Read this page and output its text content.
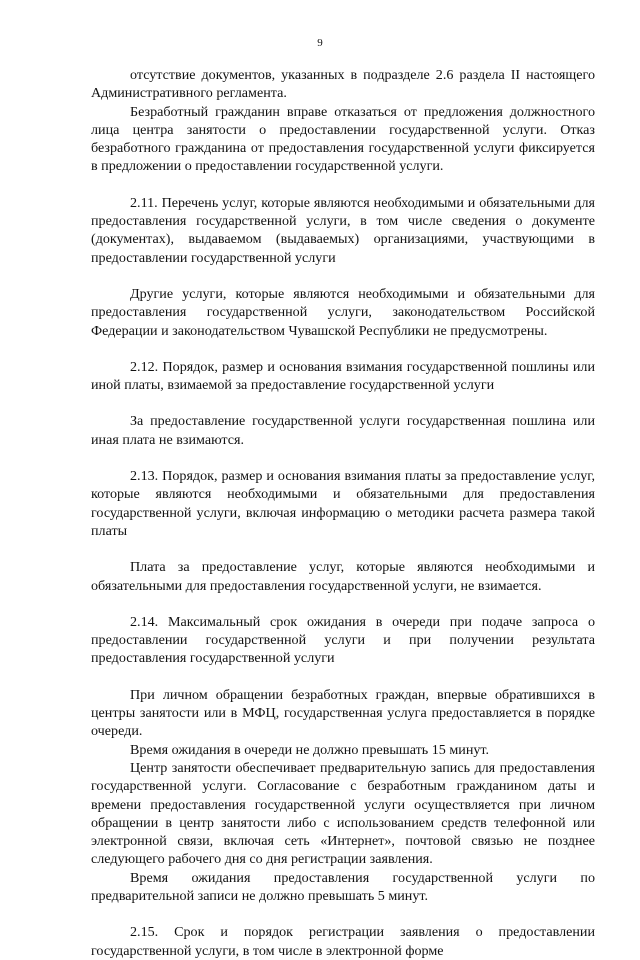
9

отсутствие документов, указанных в подразделе 2.6 раздела II настоящего Административного регламента.

Безработный гражданин вправе отказаться от предложения должностного лица центра занятости о предоставлении государственной услуги. Отказ безработного гражданина от предоставления государственной услуги фиксируется в предложении о предоставлении государственной услуги.

2.11. Перечень услуг, которые являются необходимыми и обязательными для предоставления государственной услуги, в том числе сведения о документе (документах), выдаваемом (выдаваемых) организациями, участвующими в предоставлении государственной услуги

Другие услуги, которые являются необходимыми и обязательными для предоставления государственной услуги, законодательством Российской Федерации и законодательством Чувашской Республики не предусмотрены.

2.12. Порядок, размер и основания взимания государственной пошлины или иной платы, взимаемой за предоставление государственной услуги

За предоставление государственной услуги государственная пошлина или иная плата не взимаются.

2.13. Порядок, размер и основания взимания платы за предоставление услуг, которые являются необходимыми и обязательными для предоставления государственной услуги, включая информацию о методики расчета размера такой платы

Плата за предоставление услуг, которые являются необходимыми и обязательными для предоставления государственной услуги, не взимается.

2.14. Максимальный срок ожидания в очереди при подаче запроса о предоставлении государственной услуги и при получении результата предоставления государственной услуги

При личном обращении безработных граждан, впервые обратившихся в центры занятости или в МФЦ, государственная услуга предоставляется в порядке очереди.

Время ожидания в очереди не должно превышать 15 минут.

Центр занятости обеспечивает предварительную запись для предоставления государственной услуги. Согласование с безработным гражданином даты и времени предоставления государственной услуги осуществляется при личном обращении в центр занятости либо с использованием средств телефонной или электронной связи, включая сеть «Интернет», почтовой связью не позднее следующего рабочего дня со дня регистрации заявления.

Время ожидания предоставления государственной услуги по предварительной записи не должно превышать 5 минут.

2.15. Срок и порядок регистрации заявления о предоставлении государственной услуги, в том числе в электронной форме
